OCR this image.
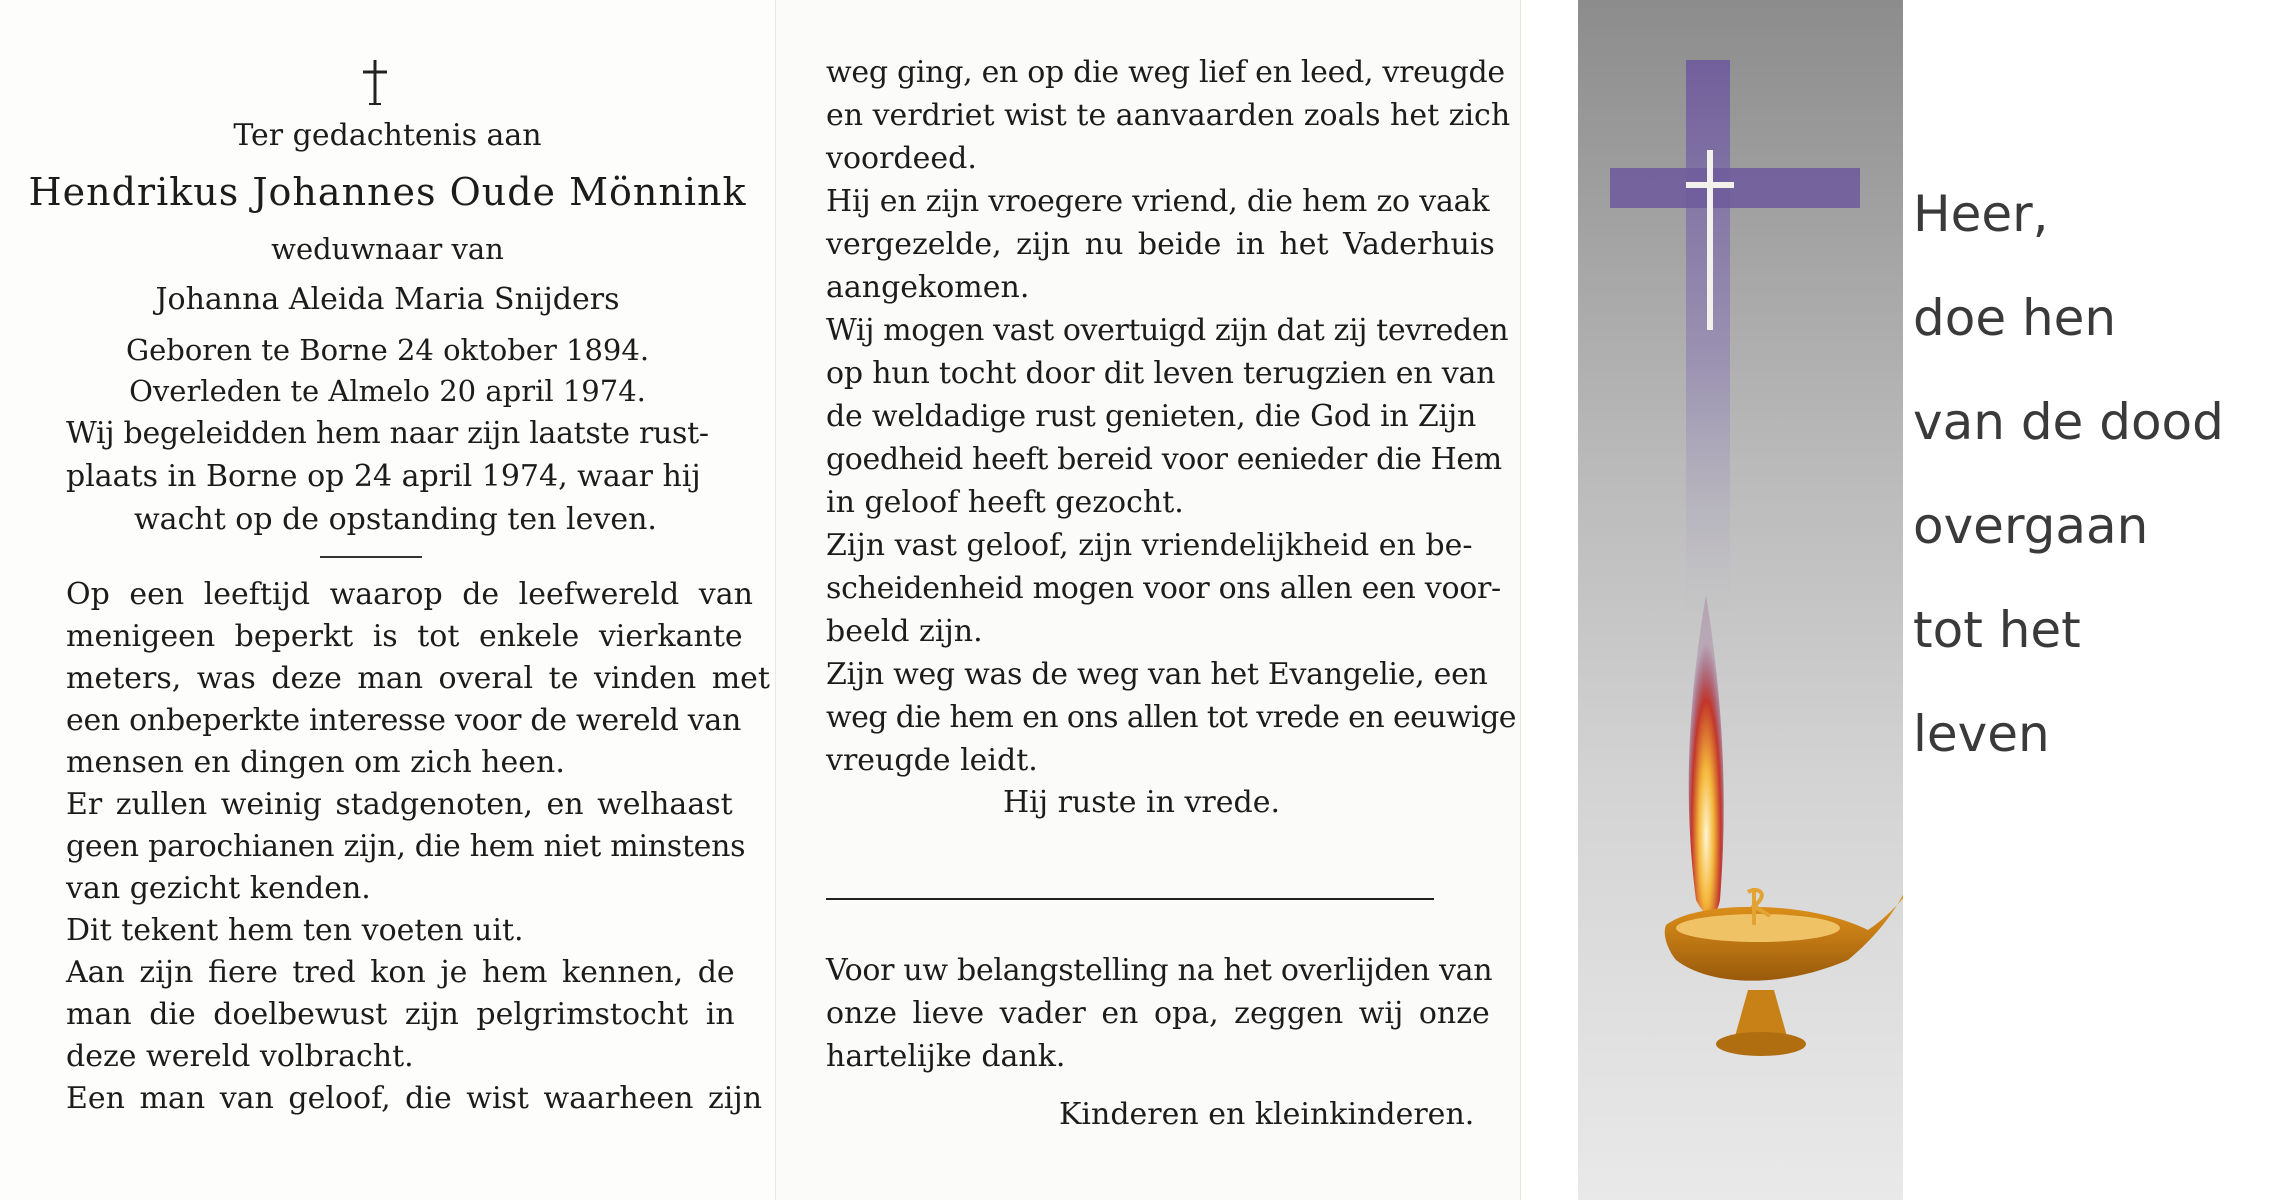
Ter gedachtenis aan
Hendrikus Johannes Oude Mönnink
weduwnaar van
Johanna Aleida Maria Snijders
Geboren te Borne 24 oktober 1894.
Overleden te Almelo 20 april 1974.
Wij begeleidden hem naar zijn laatste rust-
plaats in Borne op 24 april 1974, waar hij
wacht op de opstanding ten leven.
Op een leeftijd waarop de leefwereld van
menigeen beperkt is tot enkele vierkante
meters, was deze man overal te vinden met
een onbeperkte interesse voor de wereld van
mensen en dingen om zich heen.
Er zullen weinig stadgenoten, en welhaast
geen parochianen zijn, die hem niet minstens
van gezicht kenden.
Dit tekent hem ten voeten uit.
Aan zijn fiere tred kon je hem kennen, de
man die doelbewust zijn pelgrimstocht in
deze wereld volbracht.
Een man van geloof, die wist waarheen zijn
weg ging, en op die weg lief en leed, vreugde
en verdriet wist te aanvaarden zoals het zich
voordeed.
Hij en zijn vroegere vriend, die hem zo vaak
vergezelde, zijn nu beide in het Vaderhuis
aangekomen.
Wij mogen vast overtuigd zijn dat zij tevreden
op hun tocht door dit leven terugzien en van
de weldadige rust genieten, die God in Zijn
goedheid heeft bereid voor eenieder die Hem
in geloof heeft gezocht.
Zijn vast geloof, zijn vriendelijkheid en be-
scheidenheid mogen voor ons allen een voor-
beeld zijn.
Zijn weg was de weg van het Evangelie, een
weg die hem en ons allen tot vrede en eeuwige
vreugde leidt.
Hij ruste in vrede.
Voor uw belangstelling na het overlijden van
onze lieve vader en opa, zeggen wij onze
hartelijke dank.
Kinderen en kleinkinderen.
Heer,
doe hen
van de dood
overgaan
tot het
leven
